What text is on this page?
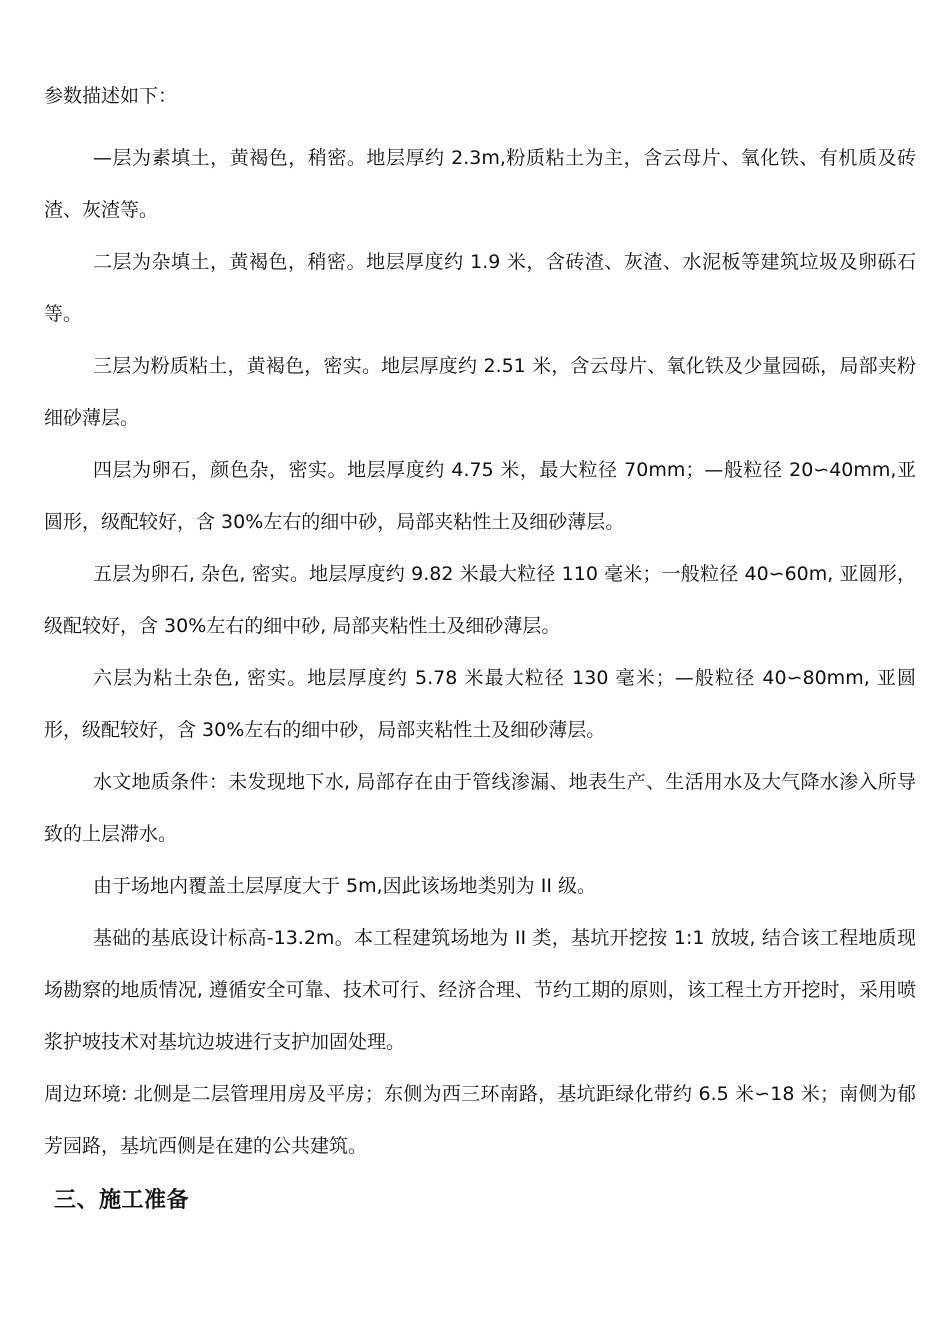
参数描述如下：

—层为素填土，黄褐色，稍密。地层厚约 2.3m,粉质粘土为主，含云母片、氧化铁、有机质及砖渣、灰渣等。

二层为杂填土，黄褐色，稍密。地层厚度约 1.9 米，含砖渣、灰渣、水泥板等建筑垃圾及卵砾石等。

三层为粉质粘土，黄褐色，密实。地层厚度约 2.51 米，含云母片、氧化铁及少量园砾，局部夹粉细砂薄层。

四层为卵石，颜色杂，密实。地层厚度约 4.75 米，最大粒径 70mm；—般粒径 20∽40mm,亚圆形，级配较好，含 30%左右的细中砂，局部夹粘性土及细砂薄层。

五层为卵石, 杂色, 密实。地层厚度约 9.82 米最大粒径 110 毫米；一般粒径 40∽60m, 亚圆形，级配较好，含 30%左右的细中砂, 局部夹粘性土及细砂薄层。

六层为粘土杂色, 密实。地层厚度约 5.78 米最大粒径 130 毫米；—般粒径 40∽80mm, 亚圆形，级配较好，含 30%左右的细中砂，局部夹粘性土及细砂薄层。

水文地质条件：未发现地下水, 局部存在由于管线渗漏、地表生产、生活用水及大气降水渗入所导致的上层滞水。

由于场地内覆盖土层厚度大于 5m,因此该场地类别为 II 级。

基础的基底设计标高-13.2m。本工程建筑场地为 II 类，基坑开挖按 1:1 放坡, 结合该工程地质现场勘察的地质情况, 遵循安全可靠、技术可行、经济合理、节约工期的原则，该工程土方开挖时，采用喷浆护坡技术对基坑边坡进行支护加固处理。

周边环境: 北侧是二层管理用房及平房；东侧为西三环南路，基坑距绿化带约 6.5 米∽18 米；南侧为郁芳园路，基坑西侧是在建的公共建筑。

三、施工准备
